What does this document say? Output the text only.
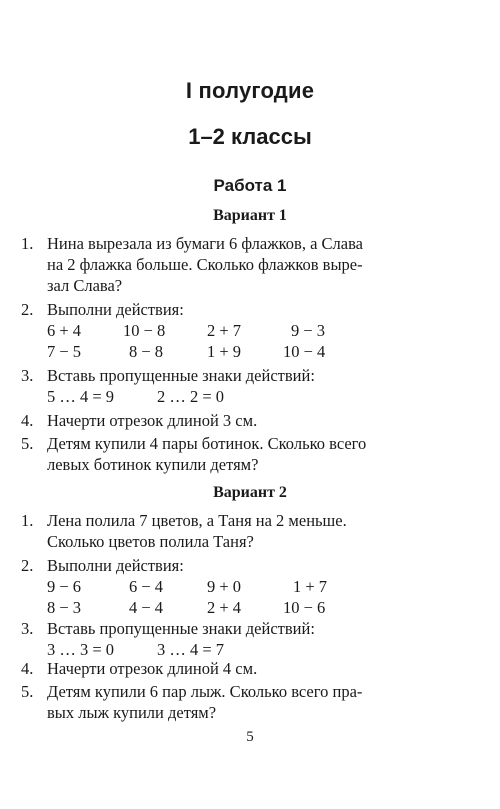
I полугодие
1–2 классы
Работа 1
Вариант 1
1. Нина вырезала из бумаги 6 флажков, а Слава
на 2 флажка больше. Сколько флажков выре-
зал Слава?
2. Выполни действия:
6 + 4	10 − 8	2 + 7	9 − 3
7 − 5	8 − 8	1 + 9	10 − 4
3. Вставь пропущенные знаки действий:
5 … 4 = 9	2 … 2 = 0
4. Начерти отрезок длиной 3 см.
5. Детям купили 4 пары ботинок. Сколько всего
левых ботинок купили детям?
Вариант 2
1. Лена полила 7 цветов, а Таня на 2 меньше.
Сколько цветов полила Таня?
2. Выполни действия:
9 − 6	6 − 4	9 + 0	1 + 7
8 − 3	4 − 4	2 + 4	10 − 6
3. Вставь пропущенные знаки действий:
3 … 3 = 0	3 … 4 = 7
4. Начерти отрезок длиной 4 см.
5. Детям купили 6 пар лыж. Сколько всего пра-
вых лыж купили детям?
5
